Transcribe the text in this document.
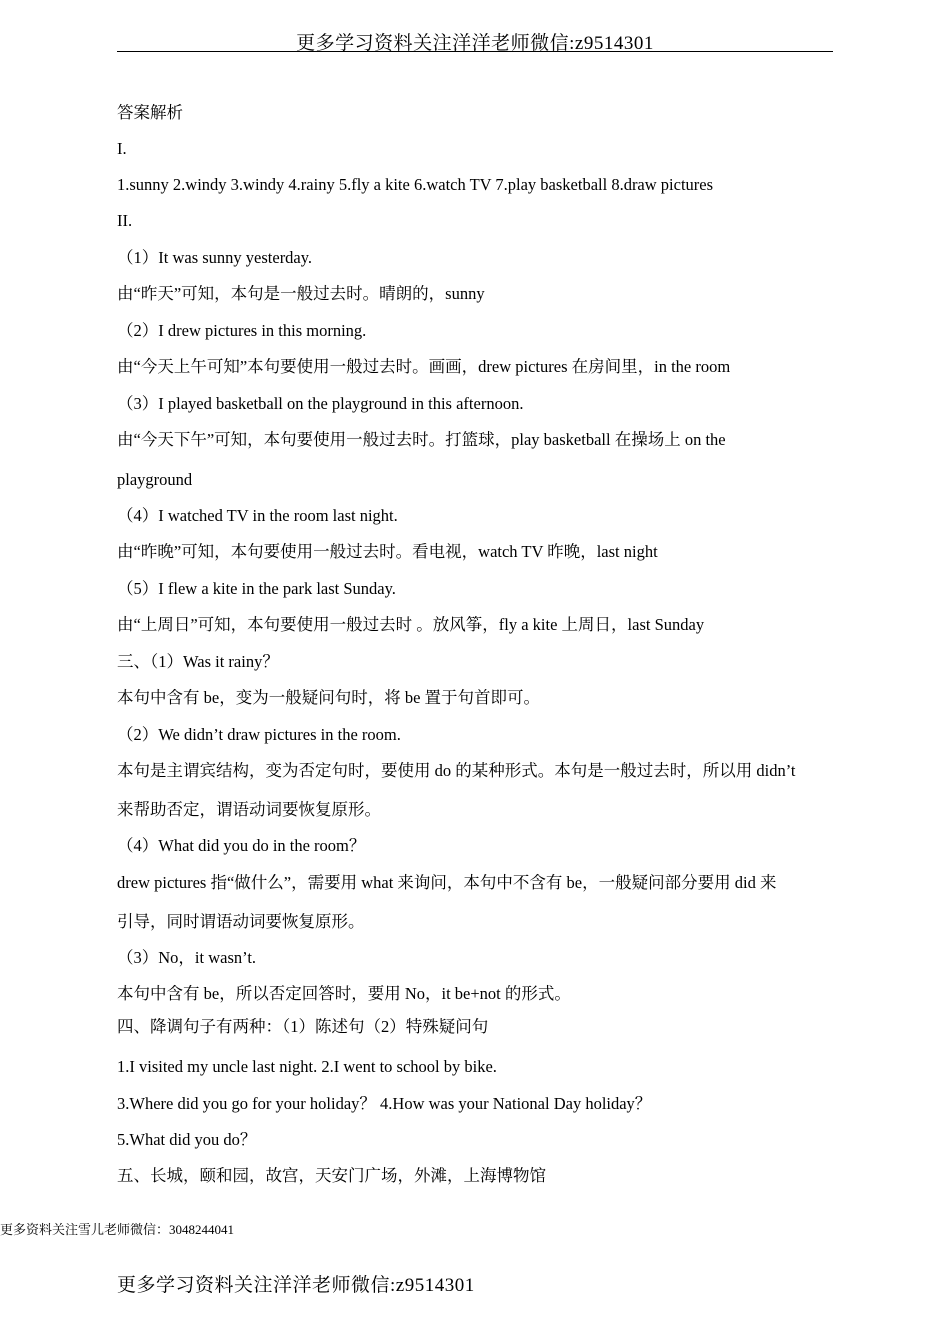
更多学习资料关注洋洋老师微信:z9514301
答案解析
I.
1.sunny 2.windy 3.windy 4.rainy 5.fly a kite 6.watch TV 7.play basketball 8.draw pictures
II.
（1）It was sunny yesterday.
由“昨天”可知，本句是一般过去时。晴朗的，sunny
（2）I drew pictures in this morning.
由“今天上午可知”本句要使用一般过去时。画画，drew pictures 在房间里，in the room
（3）I played basketball on the playground in this afternoon.
由“今天下午”可知，本句要使用一般过去时。打篮球，play basketball 在操场上 on the
playground
（4）I watched TV in the room last night.
由“昨晚”可知，本句要使用一般过去时。看电视，watch TV 昨晚，last night
（5）I flew a kite in the park last Sunday.
由“上周日”可知，本句要使用一般过去时 。放风筝，fly a kite 上周日，last Sunday
三、（1）Was it rainy？
本句中含有 be，变为一般疑问句时，将 be 置于句首即可。
（2）We didn’t draw pictures in the room.
本句是主谓宾结构，变为否定句时，要使用 do 的某种形式。本句是一般过去时，所以用 didn’t
来帮助否定，谓语动词要恢复原形。
（4）What did you do in the room？
drew pictures 指“做什么”，需要用 what 来询问，本句中不含有 be，一般疑问部分要用 did 来
引导，同时谓语动词要恢复原形。
（3）No，it wasn’t.
本句中含有 be，所以否定回答时，要用 No，it be+not 的形式。
四、降调句子有两种：（1）陈述句（2）特殊疑问句
1.I visited my uncle last night. 2.I went to school by bike.
3.Where did you go for your holiday？ 4.How was your National Day holiday？
5.What did you do？
五、长城，颐和园，故宫，天安门广场，外滩，上海博物馆
更多资料关注雪儿老师微信：3048244041
更多学习资料关注洋洋老师微信:z9514301
